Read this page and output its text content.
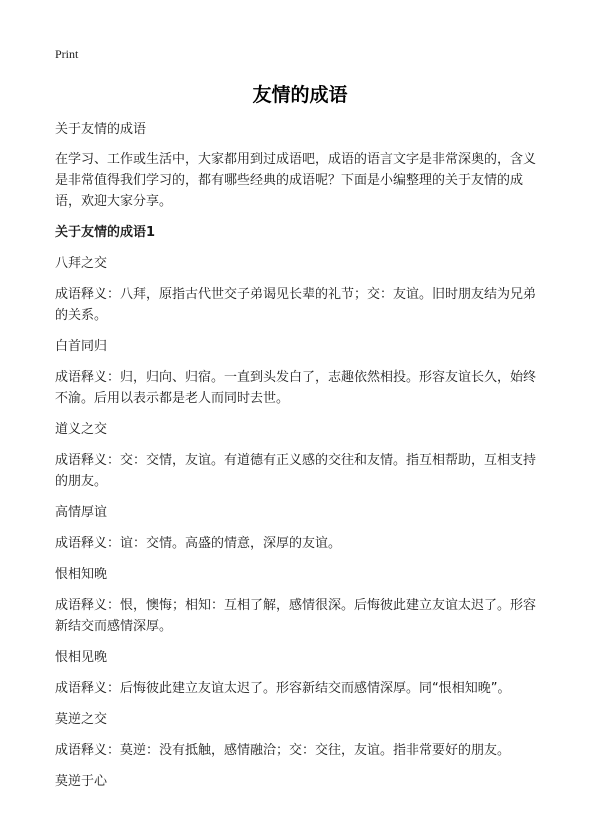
Print
友情的成语

关于友情的成语

在学习、工作或生活中，大家都用到过成语吧，成语的语言文字是非常深奥的，含义是非常值得我们学习的，都有哪些经典的成语呢？下面是小编整理的关于友情的成语，欢迎大家分享。

关于友情的成语1

八拜之交

成语释义：八拜，原指古代世交子弟谒见长辈的礼节；交：友谊。旧时朋友结为兄弟的关系。

白首同归

成语释义：归，归向、归宿。一直到头发白了，志趣依然相投。形容友谊长久，始终不渝。后用以表示都是老人而同时去世。

道义之交

成语释义：交：交情，友谊。有道德有正义感的交往和友情。指互相帮助，互相支持的朋友。

高情厚谊

成语释义：谊：交情。高盛的情意，深厚的友谊。

恨相知晚

成语释义：恨，懊悔；相知：互相了解，感情很深。后悔彼此建立友谊太迟了。形容新结交而感情深厚。

恨相见晚

成语释义：后悔彼此建立友谊太迟了。形容新结交而感情深厚。同“恨相知晚”。

莫逆之交

成语释义：莫逆：没有抵触，感情融洽；交：交往，友谊。指非常要好的朋友。

莫逆于心
